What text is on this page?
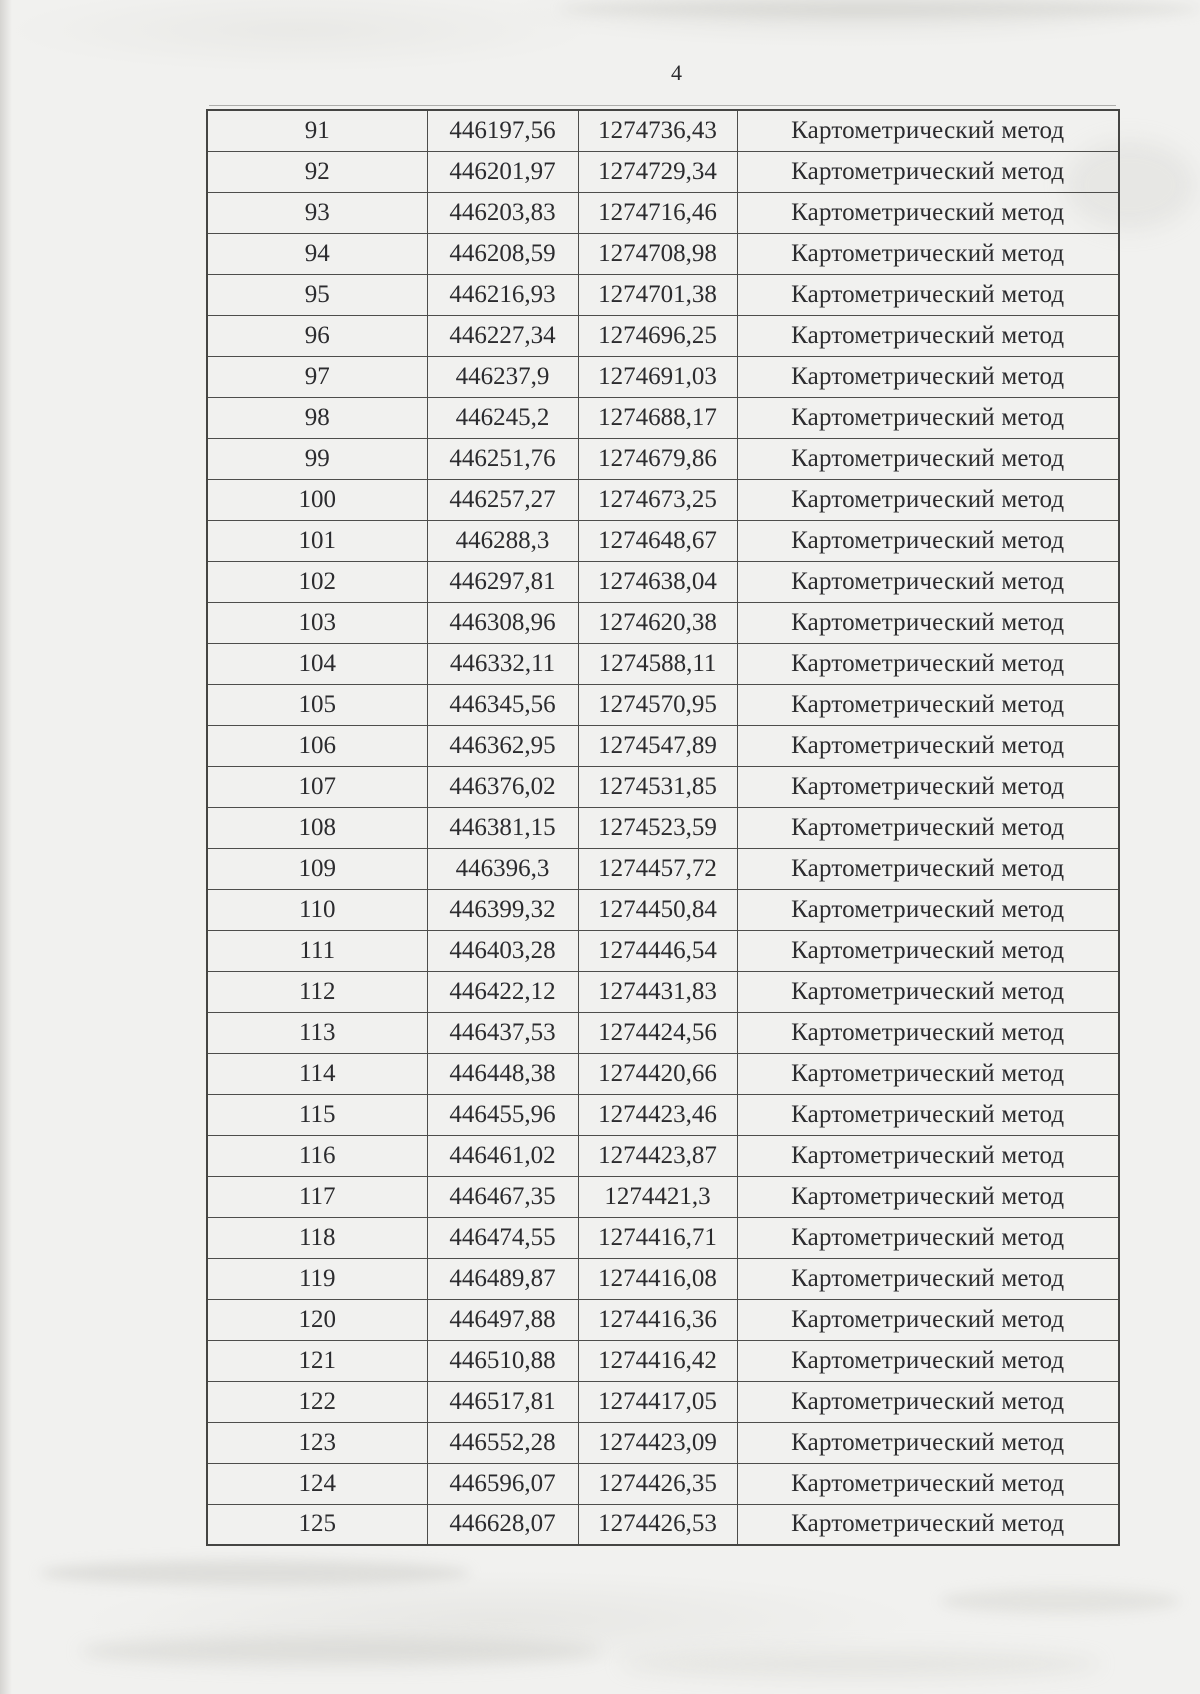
4
91	446197,56	1274736,43	Картометрический метод
92	446201,97	1274729,34	Картометрический метод
93	446203,83	1274716,46	Картометрический метод
94	446208,59	1274708,98	Картометрический метод
95	446216,93	1274701,38	Картометрический метод
96	446227,34	1274696,25	Картометрический метод
97	446237,9	1274691,03	Картометрический метод
98	446245,2	1274688,17	Картометрический метод
99	446251,76	1274679,86	Картометрический метод
100	446257,27	1274673,25	Картометрический метод
101	446288,3	1274648,67	Картометрический метод
102	446297,81	1274638,04	Картометрический метод
103	446308,96	1274620,38	Картометрический метод
104	446332,11	1274588,11	Картометрический метод
105	446345,56	1274570,95	Картометрический метод
106	446362,95	1274547,89	Картометрический метод
107	446376,02	1274531,85	Картометрический метод
108	446381,15	1274523,59	Картометрический метод
109	446396,3	1274457,72	Картометрический метод
110	446399,32	1274450,84	Картометрический метод
111	446403,28	1274446,54	Картометрический метод
112	446422,12	1274431,83	Картометрический метод
113	446437,53	1274424,56	Картометрический метод
114	446448,38	1274420,66	Картометрический метод
115	446455,96	1274423,46	Картометрический метод
116	446461,02	1274423,87	Картометрический метод
117	446467,35	1274421,3	Картометрический метод
118	446474,55	1274416,71	Картометрический метод
119	446489,87	1274416,08	Картометрический метод
120	446497,88	1274416,36	Картометрический метод
121	446510,88	1274416,42	Картометрический метод
122	446517,81	1274417,05	Картометрический метод
123	446552,28	1274423,09	Картометрический метод
124	446596,07	1274426,35	Картометрический метод
125	446628,07	1274426,53	Картометрический метод
